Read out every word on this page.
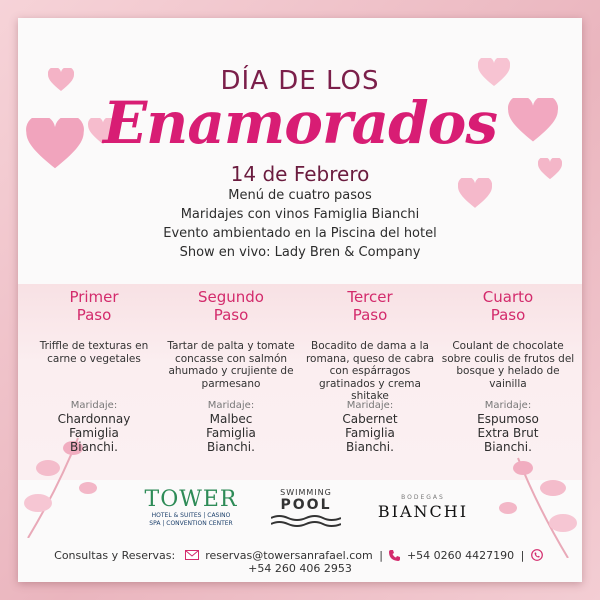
DÍA DE LOS
Enamorados
14 de Febrero
Menú de cuatro pasos
Maridajes con vinos Famiglia Bianchi
Evento ambientado en la Piscina del hotel
Show en vivo: Lady Bren & Company
Primer
Paso
Triffle de texturas en carne o vegetales
Maridaje:
Chardonnay
Famiglia
Bianchi.
Segundo
Paso
Tartar de palta y tomate concasse con salmón ahumado y crujiente de parmesano
Maridaje:
Malbec
Famiglia
Bianchi.
Tercer
Paso
Bocadito de dama a la romana, queso de cabra con espárragos gratinados y crema shitake
Maridaje:
Cabernet
Famiglia
Bianchi.
Cuarto
Paso
Coulant de chocolate sobre coulis de frutos del bosque y helado de vainilla
Maridaje:
Espumoso
Extra Brut
Bianchi.
TOWER
HOTEL & SUITES | CASINO
SPA | CONVENTION CENTER
SWIMMING
POOL	BODEGAS
BIANCHI
Consultas y Reservas:	reservas@towersanrafael.com | +54 0260 4427190 |  +54 260 406 2953
